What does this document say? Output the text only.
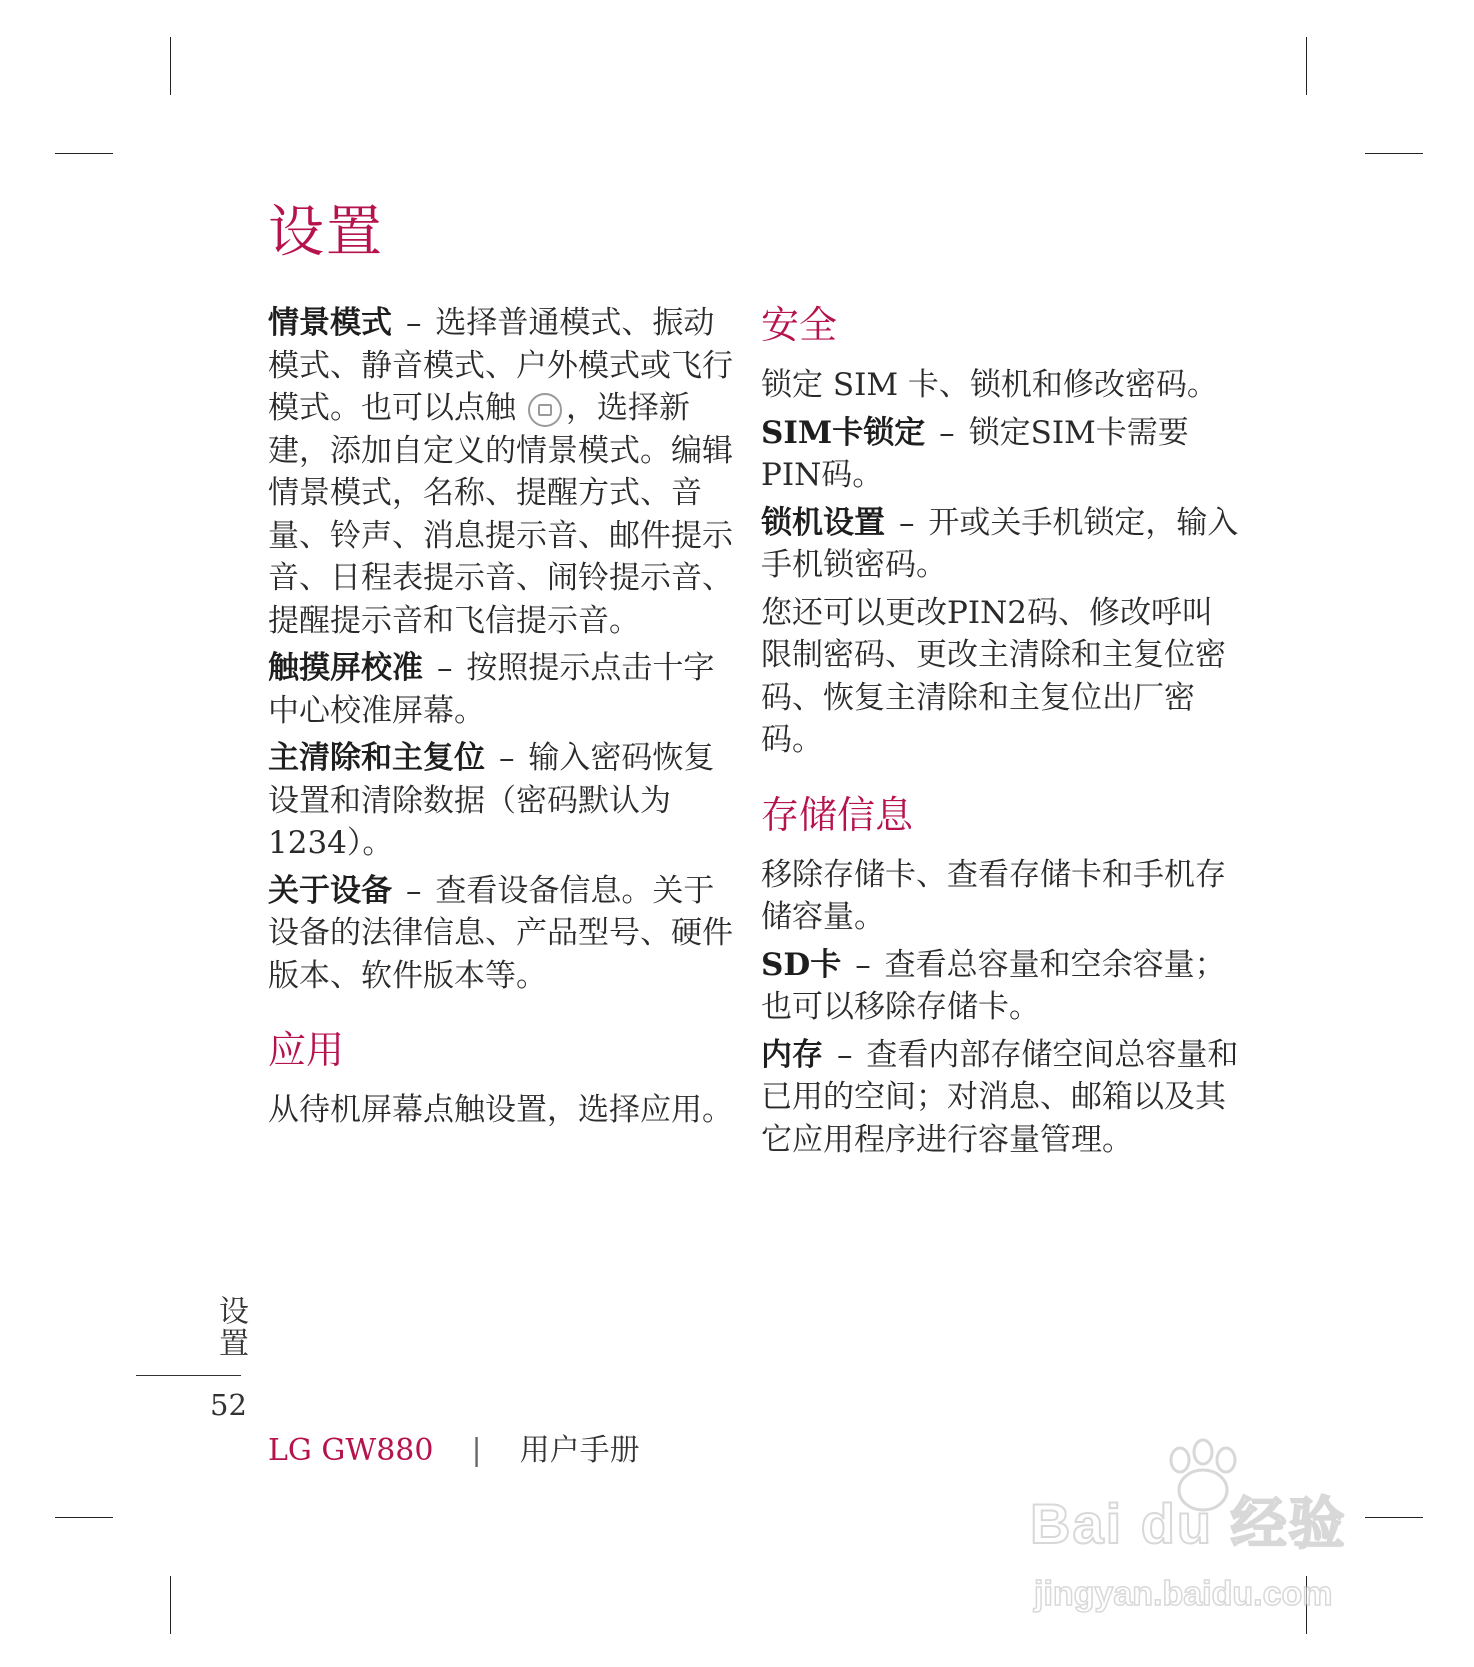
设置

情景模式 – 选择普通模式、振动模式、静音模式、户外模式或飞行模式。也可以点触 ，选择新建，添加自定义的情景模式。编辑情景模式，名称、提醒方式、音量、铃声、消息提示音、邮件提示音、日程表提示音、闹铃提示音、提醒提示音和飞信提示音。

触摸屏校准 – 按照提示点击十字中心校准屏幕。

主清除和主复位 – 输入密码恢复设置和清除数据（密码默认为1234）。

关于设备 – 查看设备信息。关于设备的法律信息、产品型号、硬件版本、软件版本等。

应用

从待机屏幕点触设置，选择应用。

安全

锁定 SIM 卡、锁机和修改密码。

SIM卡锁定 – 锁定SIM卡需要PIN码。

锁机设置 – 开或关手机锁定，输入手机锁密码。

您还可以更改PIN2码、修改呼叫限制密码、更改主清除和主复位密码、恢复主清除和主复位出厂密码。

存储信息

移除存储卡、查看存储卡和手机存储容量。

SD卡 – 查看总容量和空余容量；也可以移除存储卡。

内存 – 查看内部存储空间总容量和已用的空间；对消息、邮箱以及其它应用程序进行容量管理。

设置
52
LG GW880 | 用户手册
Bai du 经验
jingyan.baidu.com
